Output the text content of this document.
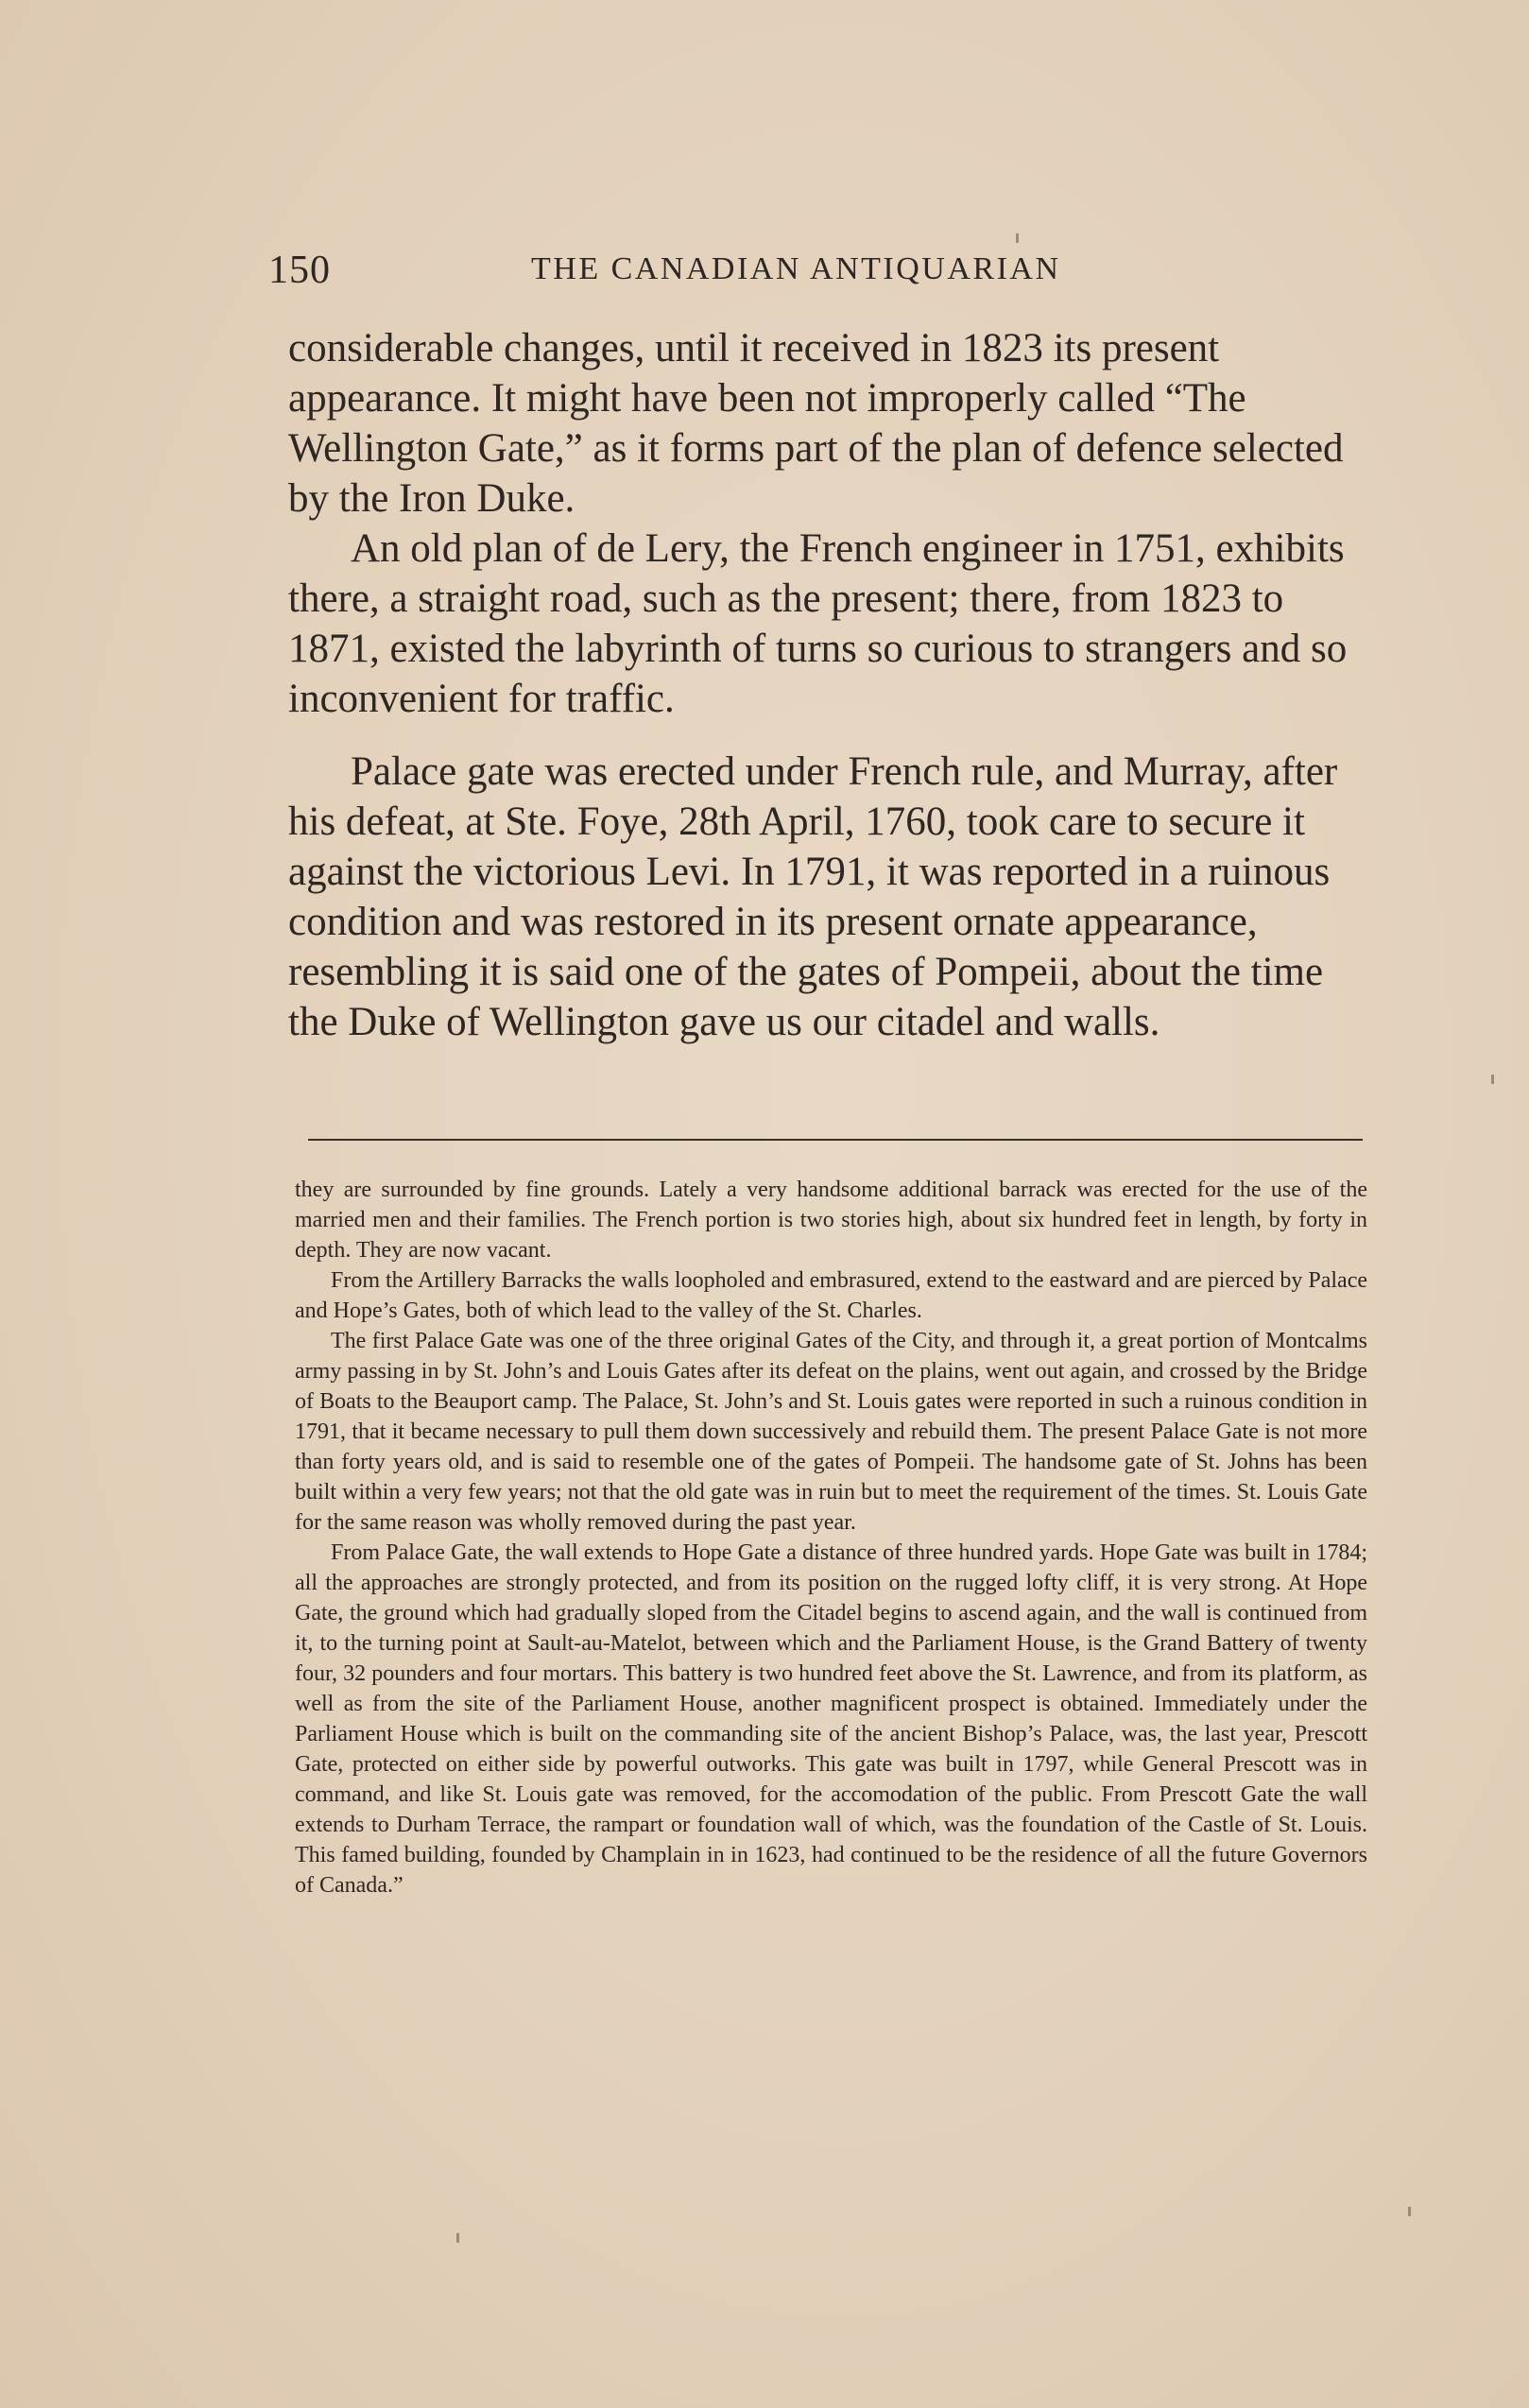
150	THE CANADIAN ANTIQUARIAN

considerable changes, until it received in 1823 its present appearance. It might have been not improperly called “The Wellington Gate,” as it forms part of the plan of defence selected by the Iron Duke.

An old plan of de Lery, the French engineer in 1751, exhibits there, a straight road, such as the present; there, from 1823 to 1871, existed the labyrinth of turns so curious to strangers and so inconvenient for traffic.

Palace gate was erected under French rule, and Murray, after his defeat, at Ste. Foye, 28th April, 1760, took care to secure it against the victorious Levi. In 1791, it was reported in a ruinous condition and was restored in its present ornate appearance, resembling it is said one of the gates of Pompeii, about the time the Duke of Wellington gave us our citadel and walls.

they are surrounded by fine grounds. Lately a very handsome additional barrack was erected for the use of the married men and their families. The French portion is two stories high, about six hundred feet in length, by forty in depth. They are now vacant.

From the Artillery Barracks the walls loopholed and embrasured, extend to the eastward and are pierced by Palace and Hope’s Gates, both of which lead to the valley of the St. Charles.

The first Palace Gate was one of the three original Gates of the City, and through it, a great portion of Montcalms army passing in by St. John’s and Louis Gates after its defeat on the plains, went out again, and crossed by the Bridge of Boats to the Beauport camp. The Palace, St. John’s and St. Louis gates were reported in such a ruinous condition in 1791, that it became necessary to pull them down successively and rebuild them. The present Palace Gate is not more than forty years old, and is said to resemble one of the gates of Pompeii. The handsome gate of St. Johns has been built within a very few years; not that the old gate was in ruin but to meet the requirement of the times. St. Louis Gate for the same reason was wholly removed during the past year.

From Palace Gate, the wall extends to Hope Gate a distance of three hundred yards. Hope Gate was built in 1784; all the approaches are strongly protected, and from its position on the rugged lofty cliff, it is very strong. At Hope Gate, the ground which had gradually sloped from the Citadel begins to ascend again, and the wall is continued from it, to the turning point at Sault-au-Matelot, between which and the Parliament House, is the Grand Battery of twenty four, 32 pounders and four mortars. This battery is two hundred feet above the St. Lawrence, and from its platform, as well as from the site of the Parliament House, another magnificent prospect is obtained. Immediately under the Parliament House which is built on the commanding site of the ancient Bishop’s Palace, was, the last year, Prescott Gate, protected on either side by powerful outworks. This gate was built in 1797, while General Prescott was in command, and like St. Louis gate was removed, for the accomodation of the public. From Prescott Gate the wall extends to Durham Terrace, the rampart or foundation wall of which, was the foundation of the Castle of St. Louis. This famed building, founded by Champlain in in 1623, had continued to be the residence of all the future Governors of Canada.”
